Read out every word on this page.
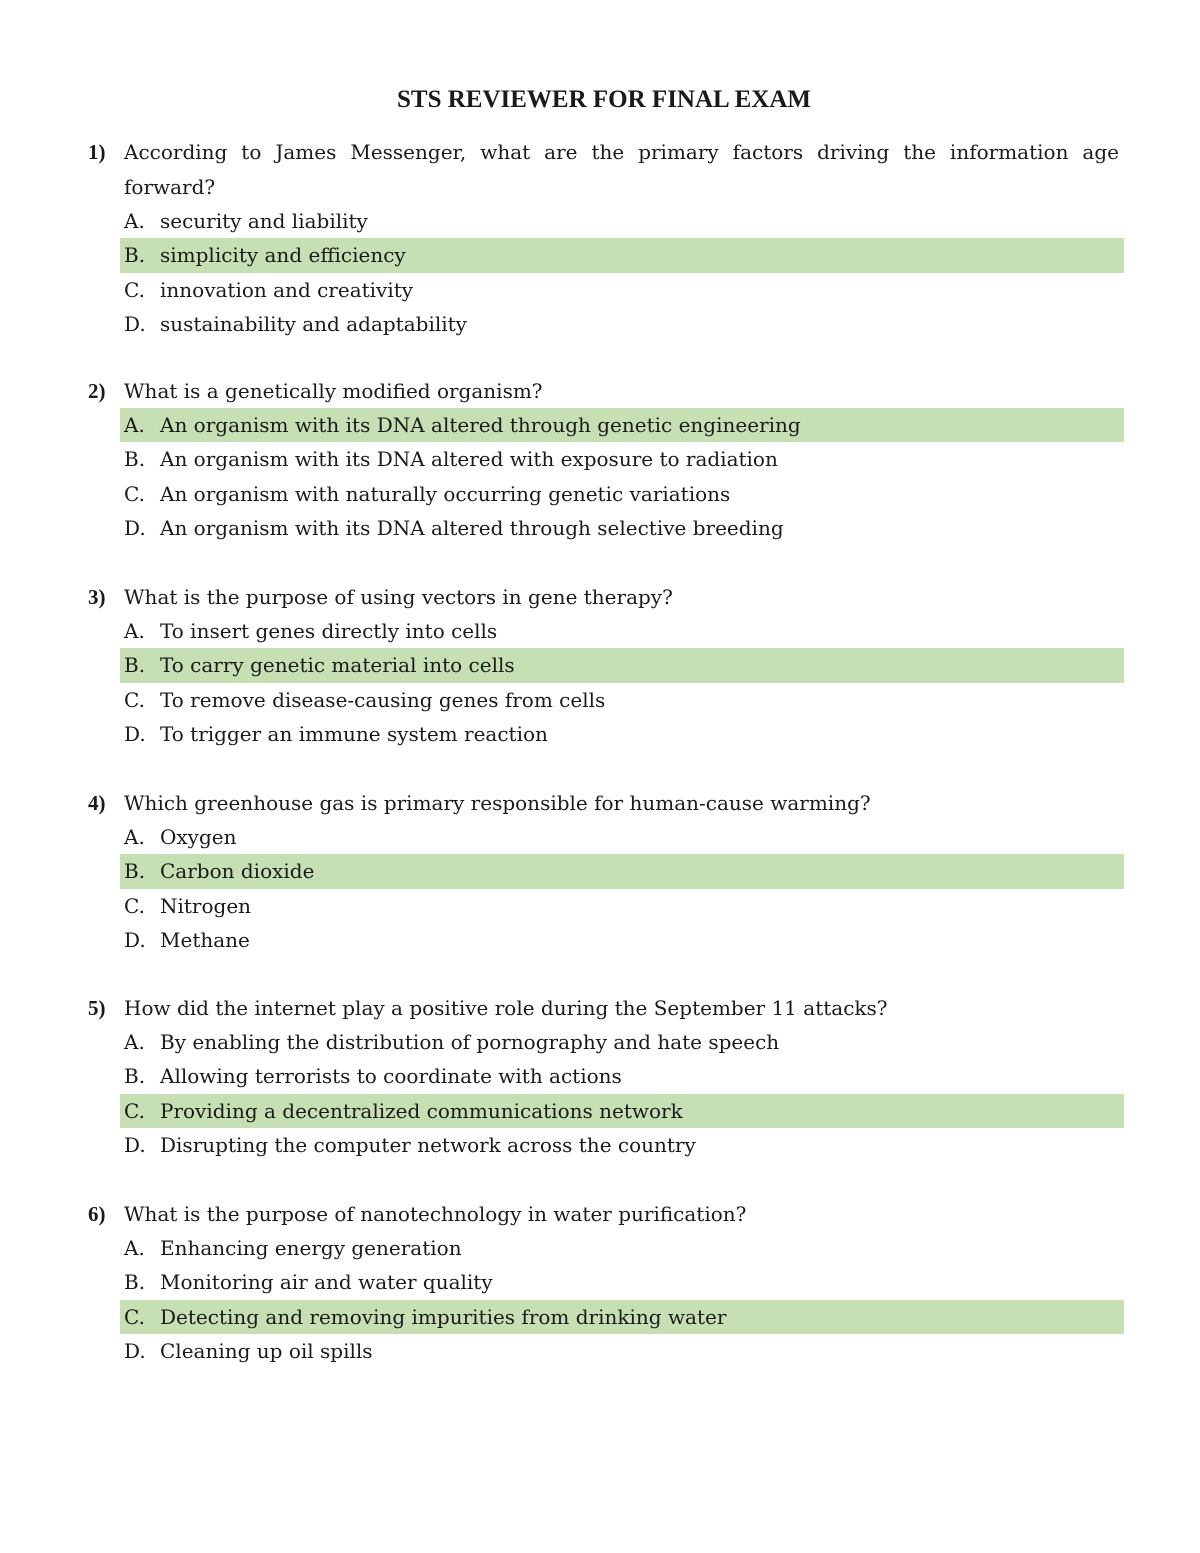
STS REVIEWER FOR FINAL EXAM
1) According to James Messenger, what are the primary factors driving the information age forward?
A. security and liability
B. simplicity and efficiency
C. innovation and creativity
D. sustainability and adaptability
2) What is a genetically modified organism?
A. An organism with its DNA altered through genetic engineering
B. An organism with its DNA altered with exposure to radiation
C. An organism with naturally occurring genetic variations
D. An organism with its DNA altered through selective breeding
3) What is the purpose of using vectors in gene therapy?
A. To insert genes directly into cells
B. To carry genetic material into cells
C. To remove disease-causing genes from cells
D. To trigger an immune system reaction
4) Which greenhouse gas is primary responsible for human-cause warming?
A. Oxygen
B. Carbon dioxide
C. Nitrogen
D. Methane
5) How did the internet play a positive role during the September 11 attacks?
A. By enabling the distribution of pornography and hate speech
B. Allowing terrorists to coordinate with actions
C. Providing a decentralized communications network
D. Disrupting the computer network across the country
6) What is the purpose of nanotechnology in water purification?
A. Enhancing energy generation
B. Monitoring air and water quality
C. Detecting and removing impurities from drinking water
D. Cleaning up oil spills
